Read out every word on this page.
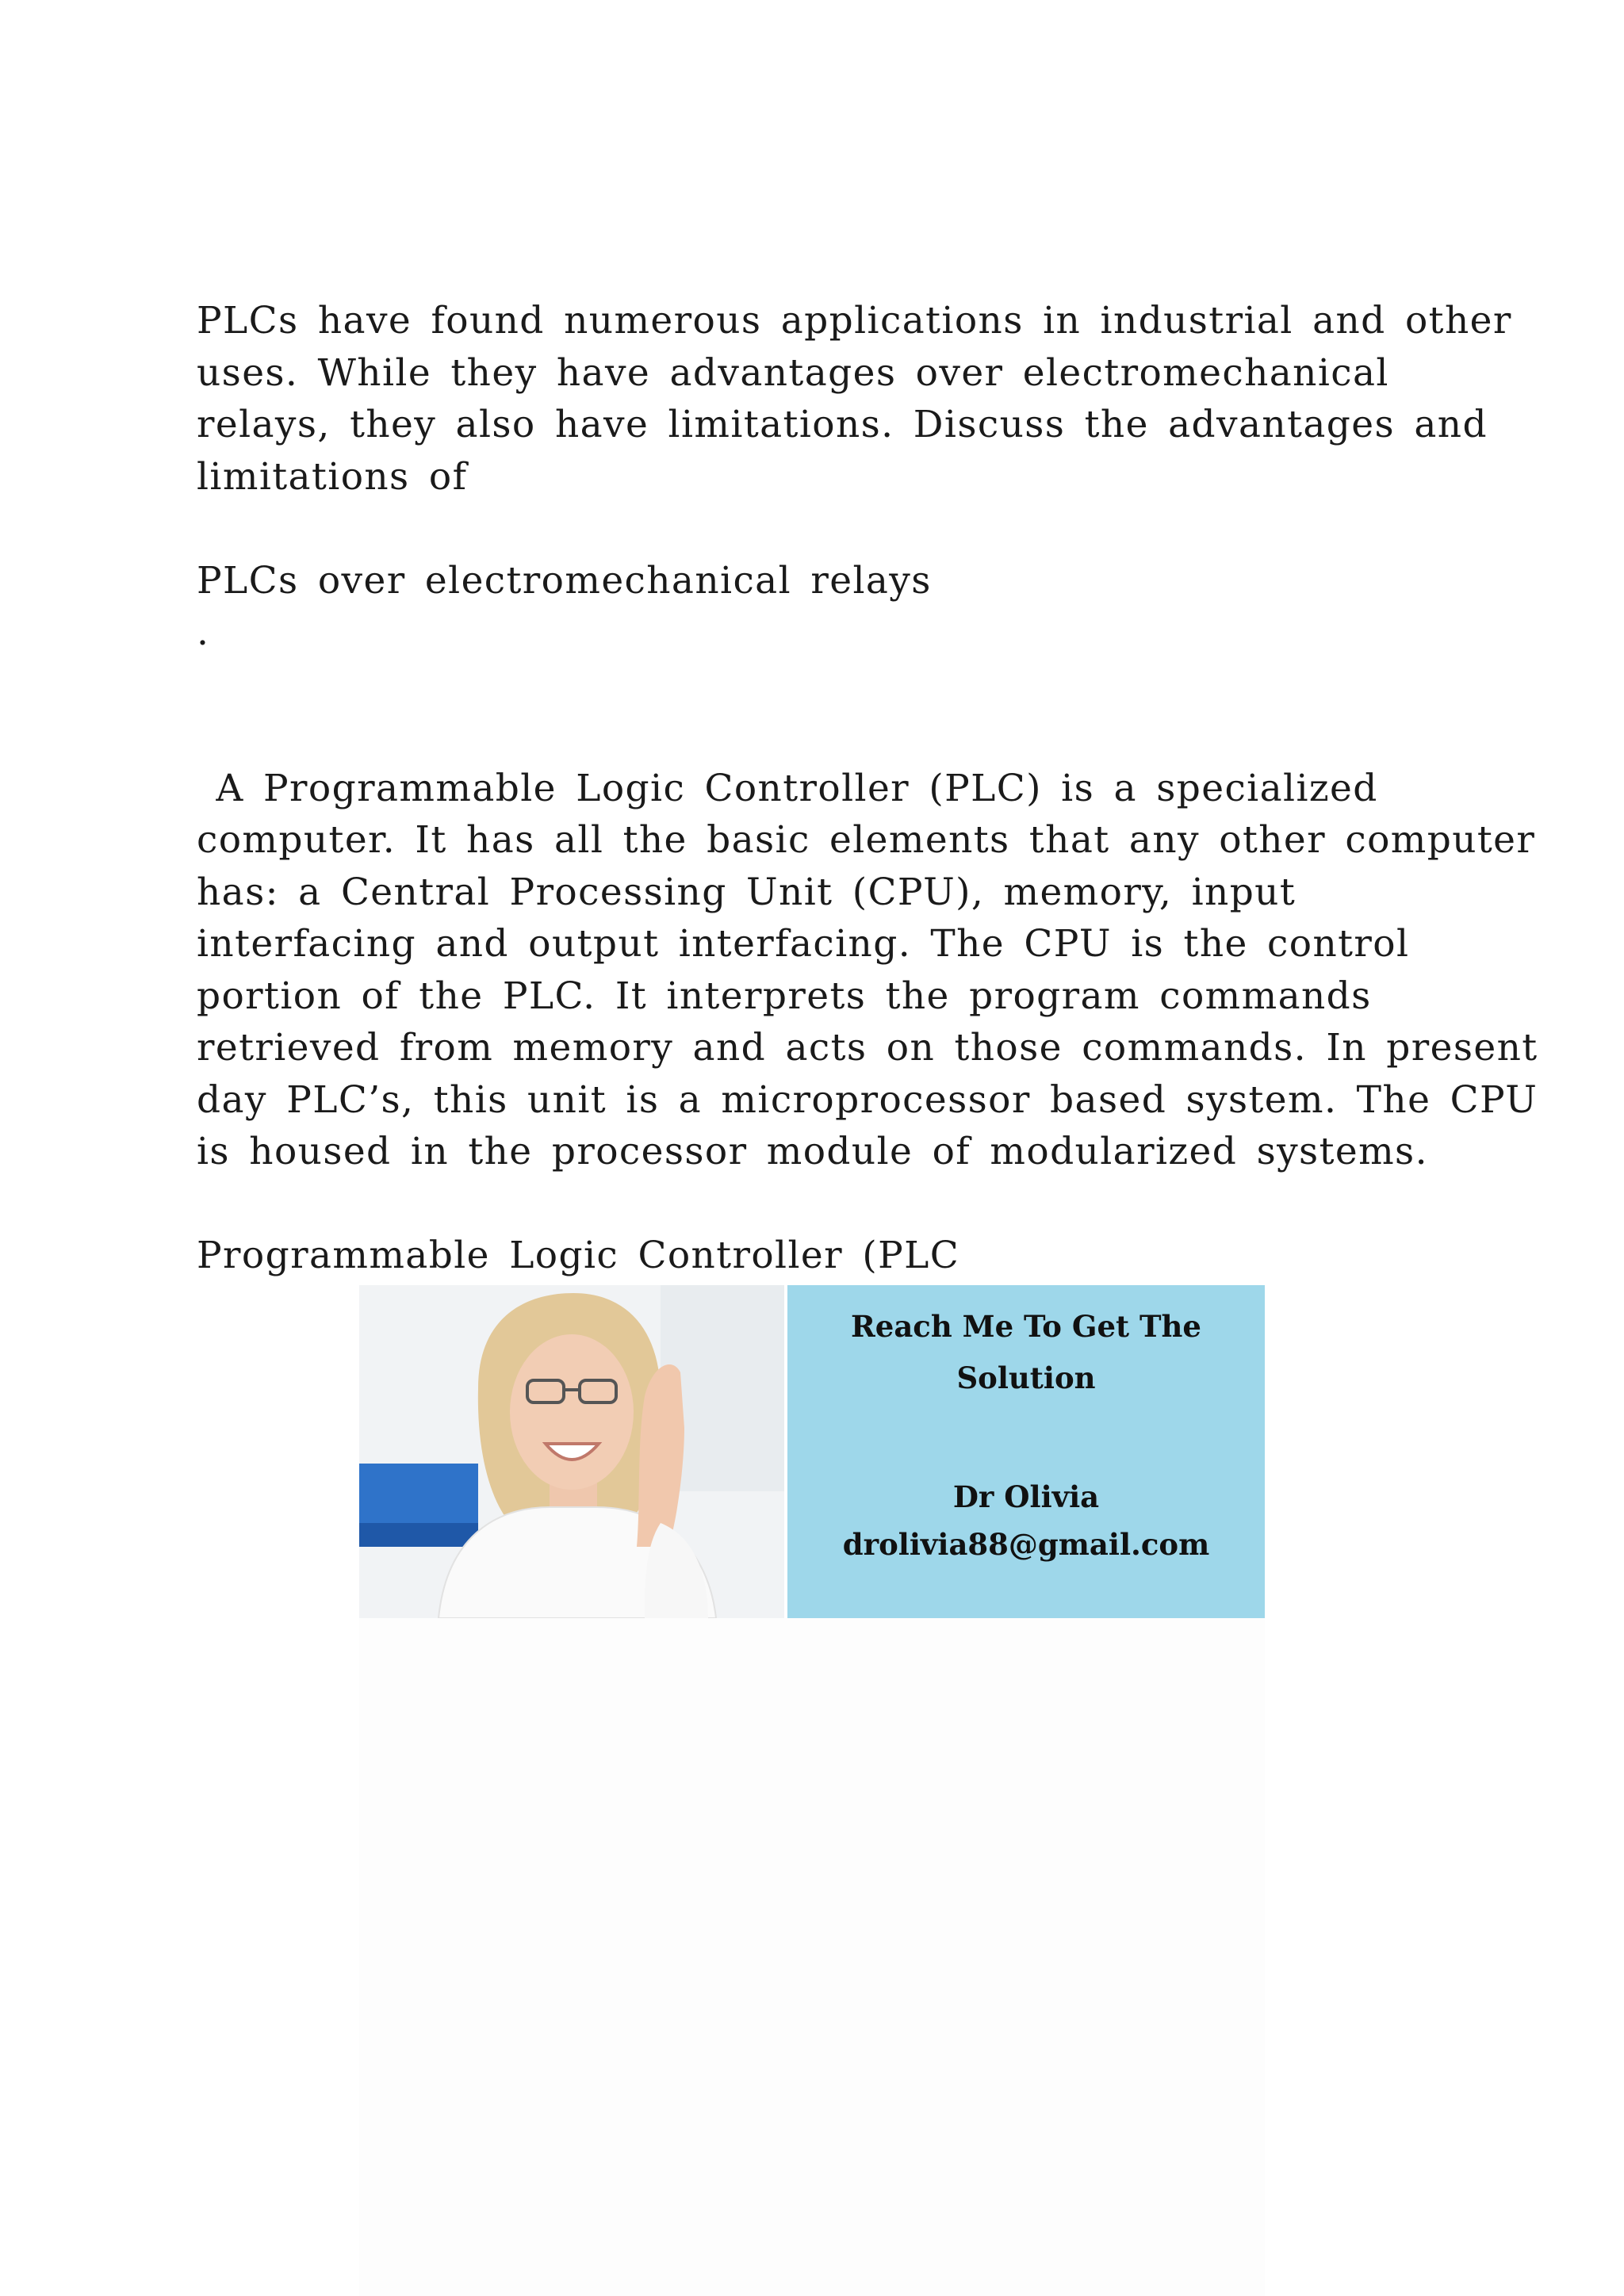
PLCs have found numerous applications in industrial and other
uses. While they have advantages over electromechanical
relays, they also have limitations. Discuss the advantages and
limitations of
PLCs over electromechanical relays
.
A Programmable Logic Controller (PLC) is a specialized
computer. It has all the basic elements that any other computer
has: a Central Processing Unit (CPU), memory, input
interfacing and output interfacing. The CPU is the control
portion of the PLC. It interprets the program commands
retrieved from memory and acts on those commands. In present
day PLC’s, this unit is a microprocessor based system. The CPU
is housed in the processor module of modularized systems.
Programmable Logic Controller (PLC
Reach Me To Get The
Solution
Dr Olivia
drolivia88@gmail.com
